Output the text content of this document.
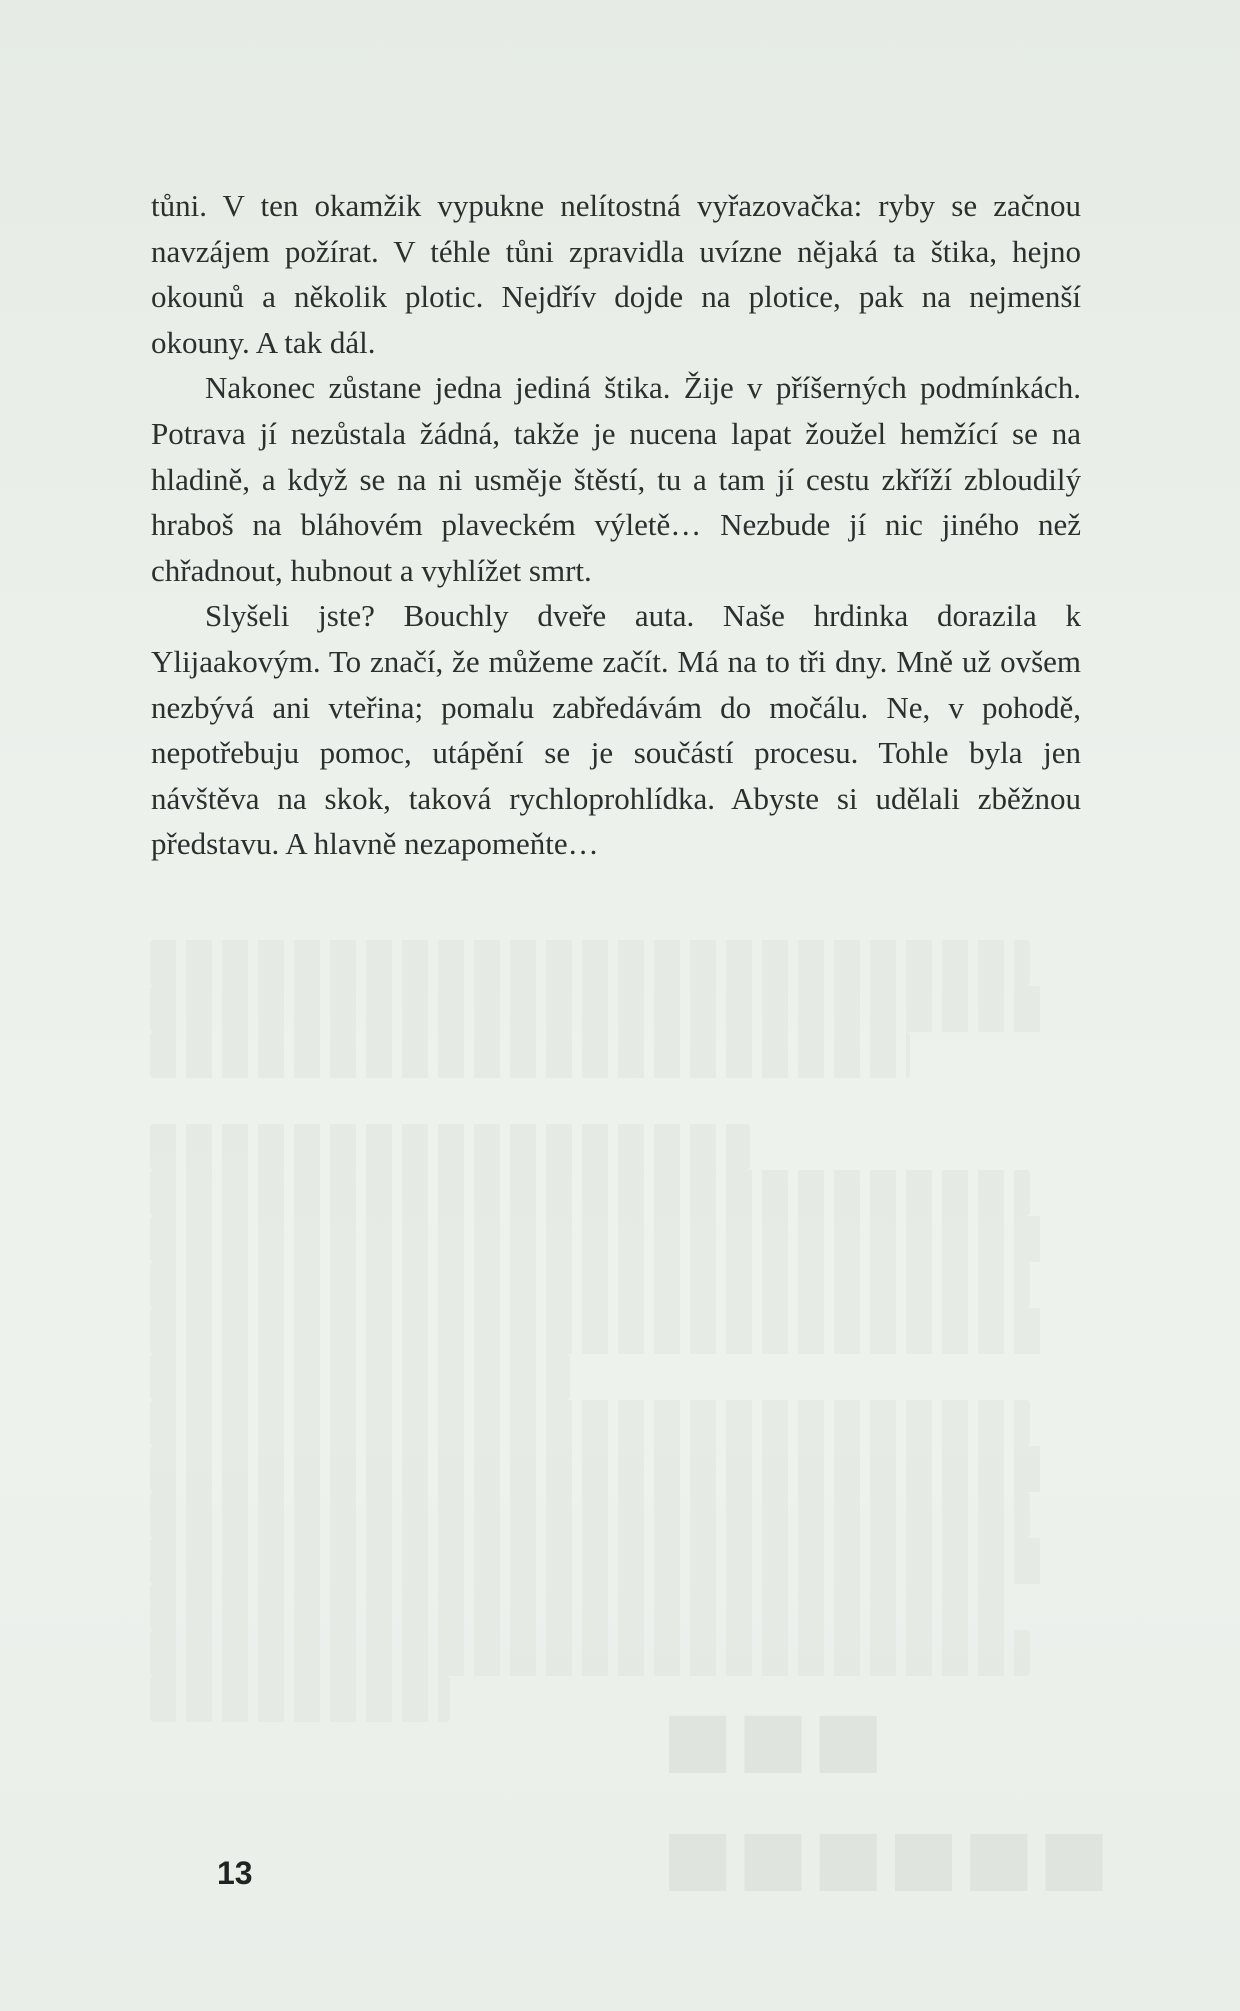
■■■■■■
■■■

tůni. V ten okamžik vypukne nelítostná vyřazovačka: ryby se začnou navzájem požírat. V téhle tůni zpravidla uvízne nějaká ta štika, hejno okounů a několik plotic. Nejdřív dojde na plotice, pak na nejmenší okouny. A tak dál.

Nakonec zůstane jedna jediná štika. Žije v příšerných podmínkách. Potrava jí nezůstala žádná, takže je nucena lapat žoužel hemžící se na hladině, a když se na ni usměje štěstí, tu a tam jí cestu zkříží zbloudilý hraboš na bláhovém plaveckém výletě… Nezbude jí nic jiného než chřadnout, hubnout a vyhlížet smrt.

Slyšeli jste? Bouchly dveře auta. Naše hrdinka dorazila k Ylijaakovým. To značí, že můžeme začít. Má na to tři dny. Mně už ovšem nezbývá ani vteřina; pomalu zabředávám do močálu. Ne, v pohodě, nepotřebuju pomoc, utápění se je součástí procesu. Tohle byla jen návštěva na skok, taková rychloprohlídka. Abyste si udělali zběžnou představu. A hlavně nezapomeňte…

13
